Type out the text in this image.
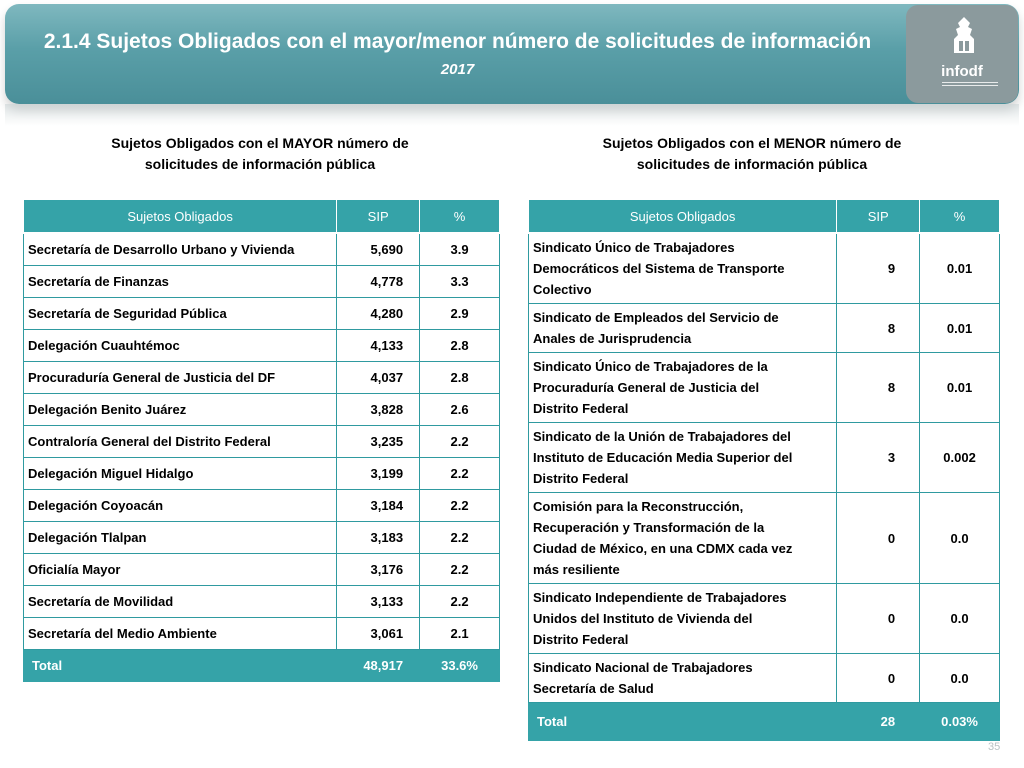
2.1.4 Sujetos Obligados con el mayor/menor número de solicitudes de información
2017	infodf
Sujetos Obligados con el MAYOR número de
solicitudes de información pública
Sujetos Obligados con el MENOR número de
solicitudes de información pública
Sujetos Obligados	SIP	%
Secretaría de Desarrollo Urbano y Vivienda	5,690	3.9
Secretaría de Finanzas	4,778	3.3
Secretaría de Seguridad Pública	4,280	2.9
Delegación Cuauhtémoc	4,133	2.8
Procuraduría General de Justicia del DF	4,037	2.8
Delegación Benito Juárez	3,828	2.6
Contraloría General del Distrito Federal	3,235	2.2
Delegación Miguel Hidalgo	3,199	2.2
Delegación Coyoacán	3,184	2.2
Delegación Tlalpan	3,183	2.2
Oficialía Mayor	3,176	2.2
Secretaría de Movilidad	3,133	2.2
Secretaría del Medio Ambiente	3,061	2.1
Total	48,917	33.6%
Sujetos Obligados	SIP	%

Sindicato Único de Trabajadores
Democráticos del Sistema de Transporte
Colectivo	9	0.01

Sindicato de Empleados del Servicio de
Anales de Jurisprudencia	8	0.01

Sindicato Único de Trabajadores de la
Procuraduría General de Justicia del
Distrito Federal	8	0.01

Sindicato de la Unión de Trabajadores del
Instituto de Educación Media Superior del
Distrito Federal	3	0.002

Comisión para la Reconstrucción,
Recuperación y Transformación de la
Ciudad de México, en una CDMX cada vez
más resiliente	0	0.0

Sindicato Independiente de Trabajadores
Unidos del Instituto de Vivienda del
Distrito Federal	0	0.0

Sindicato Nacional de Trabajadores
Secretaría de Salud	0	0.0
Total	28	0.03%
35
